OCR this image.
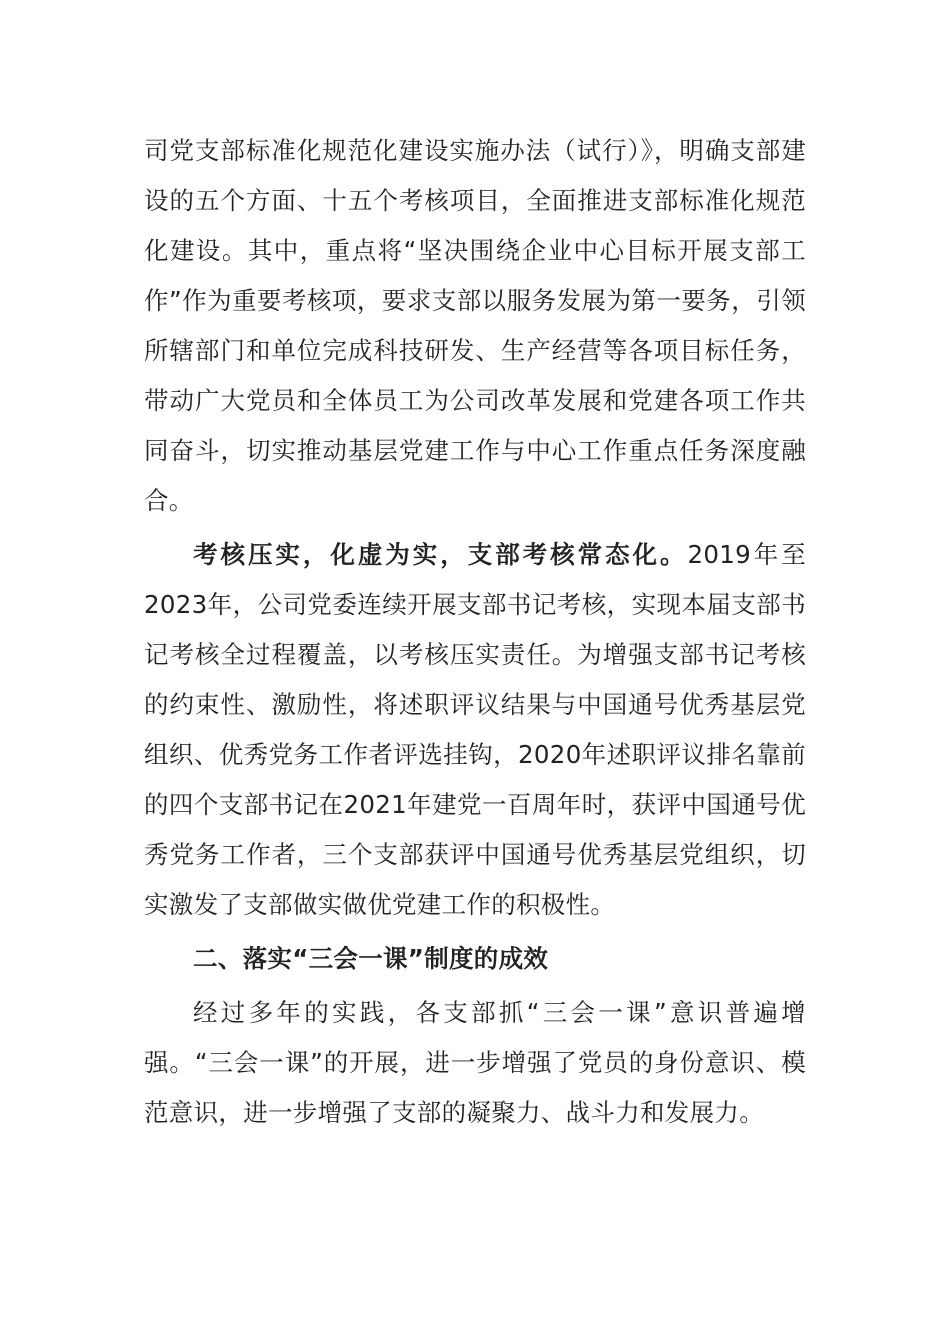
司党支部标准化规范化建设实施办法（试行）》，明确支部建设的五个方面、十五个考核项目，全面推进支部标准化规范化建设。其中，重点将“坚决围绕企业中心目标开展支部工作”作为重要考核项，要求支部以服务发展为第一要务，引领所辖部门和单位完成科技研发、生产经营等各项目标任务，带动广大党员和全体员工为公司改革发展和党建各项工作共同奋斗，切实推动基层党建工作与中心工作重点任务深度融合。

考核压实，化虚为实，支部考核常态化。2019年至2023年，公司党委连续开展支部书记考核，实现本届支部书记考核全过程覆盖，以考核压实责任。为增强支部书记考核的约束性、激励性，将述职评议结果与中国通号优秀基层党组织、优秀党务工作者评选挂钩，2020年述职评议排名靠前的四个支部书记在2021年建党一百周年时，获评中国通号优秀党务工作者，三个支部获评中国通号优秀基层党组织，切实激发了支部做实做优党建工作的积极性。

二、落实“三会一课”制度的成效

经过多年的实践，各支部抓“三会一课”意识普遍增强。“三会一课”的开展，进一步增强了党员的身份意识、模范意识，进一步增强了支部的凝聚力、战斗力和发展力。
